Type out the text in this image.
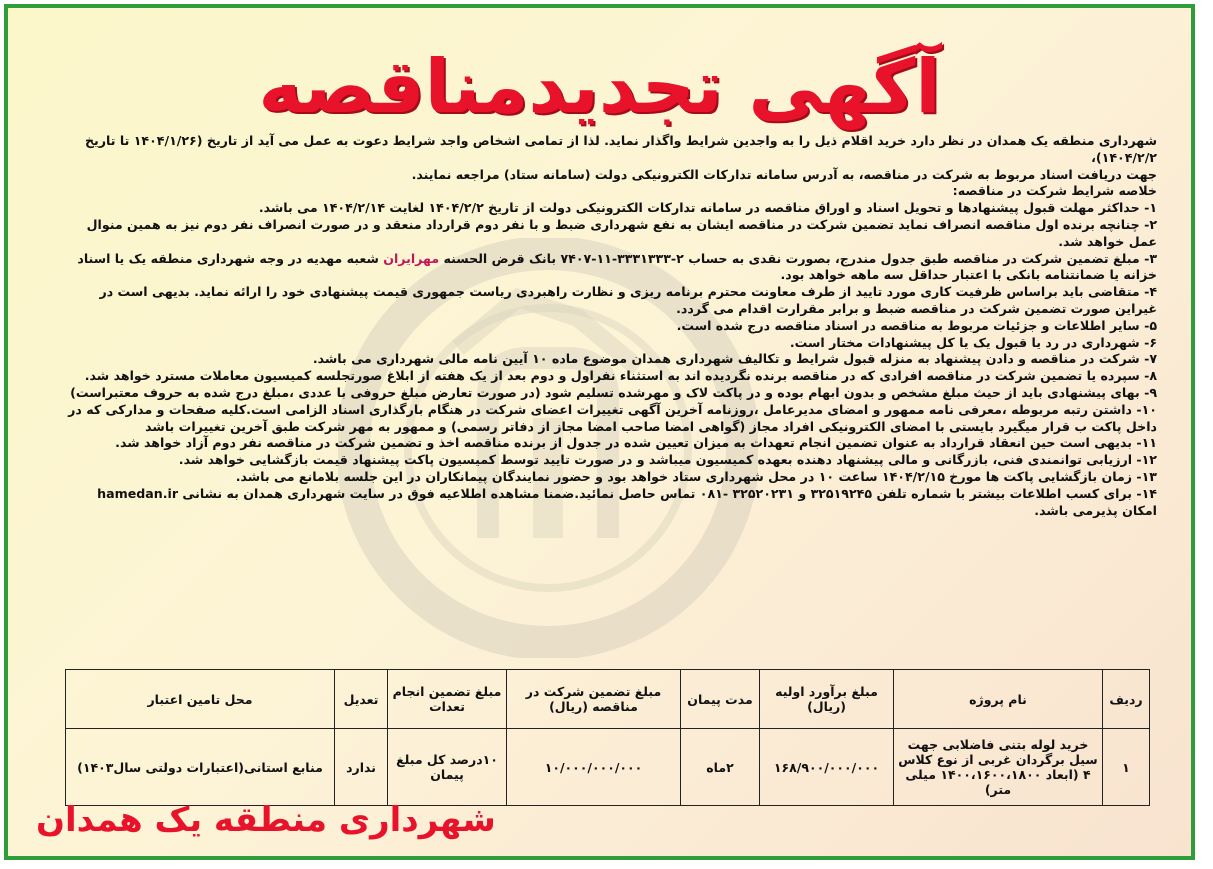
آگهی تجدیدمناقصه

شهرداری منطقه یک همدان در نظر دارد خرید اقلام ذیل را به واجدین شرایط واگذار نماید. لذا از تمامی اشخاص واجد شرایط دعوت به عمل می آید از تاریخ (۱۴۰۴/۱/۲۶ تا تاریخ ۱۴۰۴/۲/۲)،

جهت دریافت اسناد مربوط به شرکت در مناقصه، به آدرس سامانه تدارکات الکترونیکی دولت (سامانه ستاد) مراجعه نمایند.

خلاصه شرایط شرکت در مناقصه:

۱- حداکثر مهلت قبول پیشنهادها و تحویل اسناد و اوراق مناقصه در سامانه تدارکات الکترونیکی دولت از تاریخ ۱۴۰۴/۲/۲ لغایت ۱۴۰۴/۲/۱۴ می باشد.

۲- چنانچه برنده اول مناقصه انصراف نماید تضمین شرکت در مناقصه ایشان به نفع شهرداری ضبط و با نفر دوم قرارداد منعقد و در صورت انصراف نفر دوم نیز به همین منوال عمل خواهد شد.

۳- مبلغ تضمین شرکت در مناقصه طبق جدول مندرج، بصورت نقدی به حساب ۲-۳۳۳۱۳۳۳-۱۱-۷۴۰۷ بانک قرض الحسنه مهرایران شعبه مهدیه در وجه شهرداری منطقه یک یا اسناد خزانه یا ضمانتنامه بانکی با اعتبار حداقل سه ماهه خواهد بود.

۴- متقاضی باید براساس ظرفیت کاری مورد تایید از طرف معاونت محترم برنامه ریزی و نظارت راهبردی ریاست جمهوری قیمت پیشنهادی خود را ارائه نماید. بدیهی است در غیراین صورت تضمین شرکت در مناقصه ضبط و برابر مقرارت اقدام می گردد.

۵- سایر اطلاعات و جزئیات مربوط به مناقصه در اسناد مناقصه درج شده است.

۶- شهرداری در رد یا قبول یک یا کل پیشنهادات مختار است.

۷- شرکت در مناقصه و دادن پیشنهاد به منزله قبول شرایط و تکالیف شهرداری همدان موضوع ماده ۱۰ آیین نامه مالی شهرداری می باشد.

۸- سپرده یا تضمین شرکت در مناقصه افرادی که در مناقصه برنده نگردیده اند به استثناء نفراول و دوم بعد از یک هفته از ابلاغ صورتجلسه کمیسیون معاملات مسترد خواهد شد.

۹- بهای پیشنهادی باید از حیث مبلغ مشخص و بدون ابهام بوده و در پاکت لاک و مهرشده تسلیم شود (در صورت تعارض مبلغ حروفی با عددی ،مبلغ درج شده به حروف معتبراست)

۱۰- داشتن رتبه مربوطه ،معرفی نامه ممهور و امضای مدیرعامل ،روزنامه آخرین آگهی تغییرات اعضای شرکت در هنگام بارگذاری اسناد الزامی است.کلیه صفحات و مدارکی که در داخل پاکت ب قرار میگیرد بایستی با امضای الکترونیکی افراد مجاز (گواهی امضا صاحب امضا مجاز از دفاتر رسمی) و ممهور به مهر شرکت طبق آخرین تغییرات باشد

۱۱- بدیهی است حین انعقاد قرارداد به عنوان تضمین انجام تعهدات به میزان تعیین شده در جدول از برنده مناقصه اخذ و تضمین شرکت در مناقصه نفر دوم آزاد خواهد شد.

۱۲- ارزیابی توانمندی فنی، بازرگانی و مالی پیشنهاد دهنده بعهده کمیسیون میباشد و در صورت تایید توسط کمیسیون پاکت پیشنهاد قیمت بازگشایی خواهد شد.

۱۳- زمان بازگشایی پاکت ها مورخ ۱۴۰۴/۲/۱۵ ساعت ۱۰ در محل شهرداری ستاد خواهد بود و حضور نمایندگان پیمانکاران در این جلسه بلامانع می باشد.

۱۴- برای کسب اطلاعات بیشتر با شماره تلفن ۳۲۵۱۹۲۴۵ و ۳۲۵۲۰۲۳۱ -۰۸۱ تماس حاصل نمائید.ضمنا مشاهده اطلاعیه فوق در سایت شهرداری همدان به نشانی hamedan.ir امکان پذیرمی باشد.

ردیف	نام پروژه	مبلغ برآورد اولیه (ریال)	مدت پیمان	مبلغ تضمین شرکت در مناقصه (ریال)	مبلغ تضمین انجام تعدات	تعدیل	محل تامین اعتبار
۱	خرید لوله بتنی فاضلابی جهت سیل برگردان غربی از نوع کلاس ۴ (ابعاد ۱۴۰۰،۱۶۰۰،۱۸۰۰ میلی متر)	۱۶۸/۹۰۰/۰۰۰/۰۰۰	۲ماه	۱۰/۰۰۰/۰۰۰/۰۰۰	۱۰درصد کل مبلغ پیمان	ندارد	منابع استانی(اعتبارات دولتی سال۱۴۰۳)
شهرداری منطقه یک همدان
